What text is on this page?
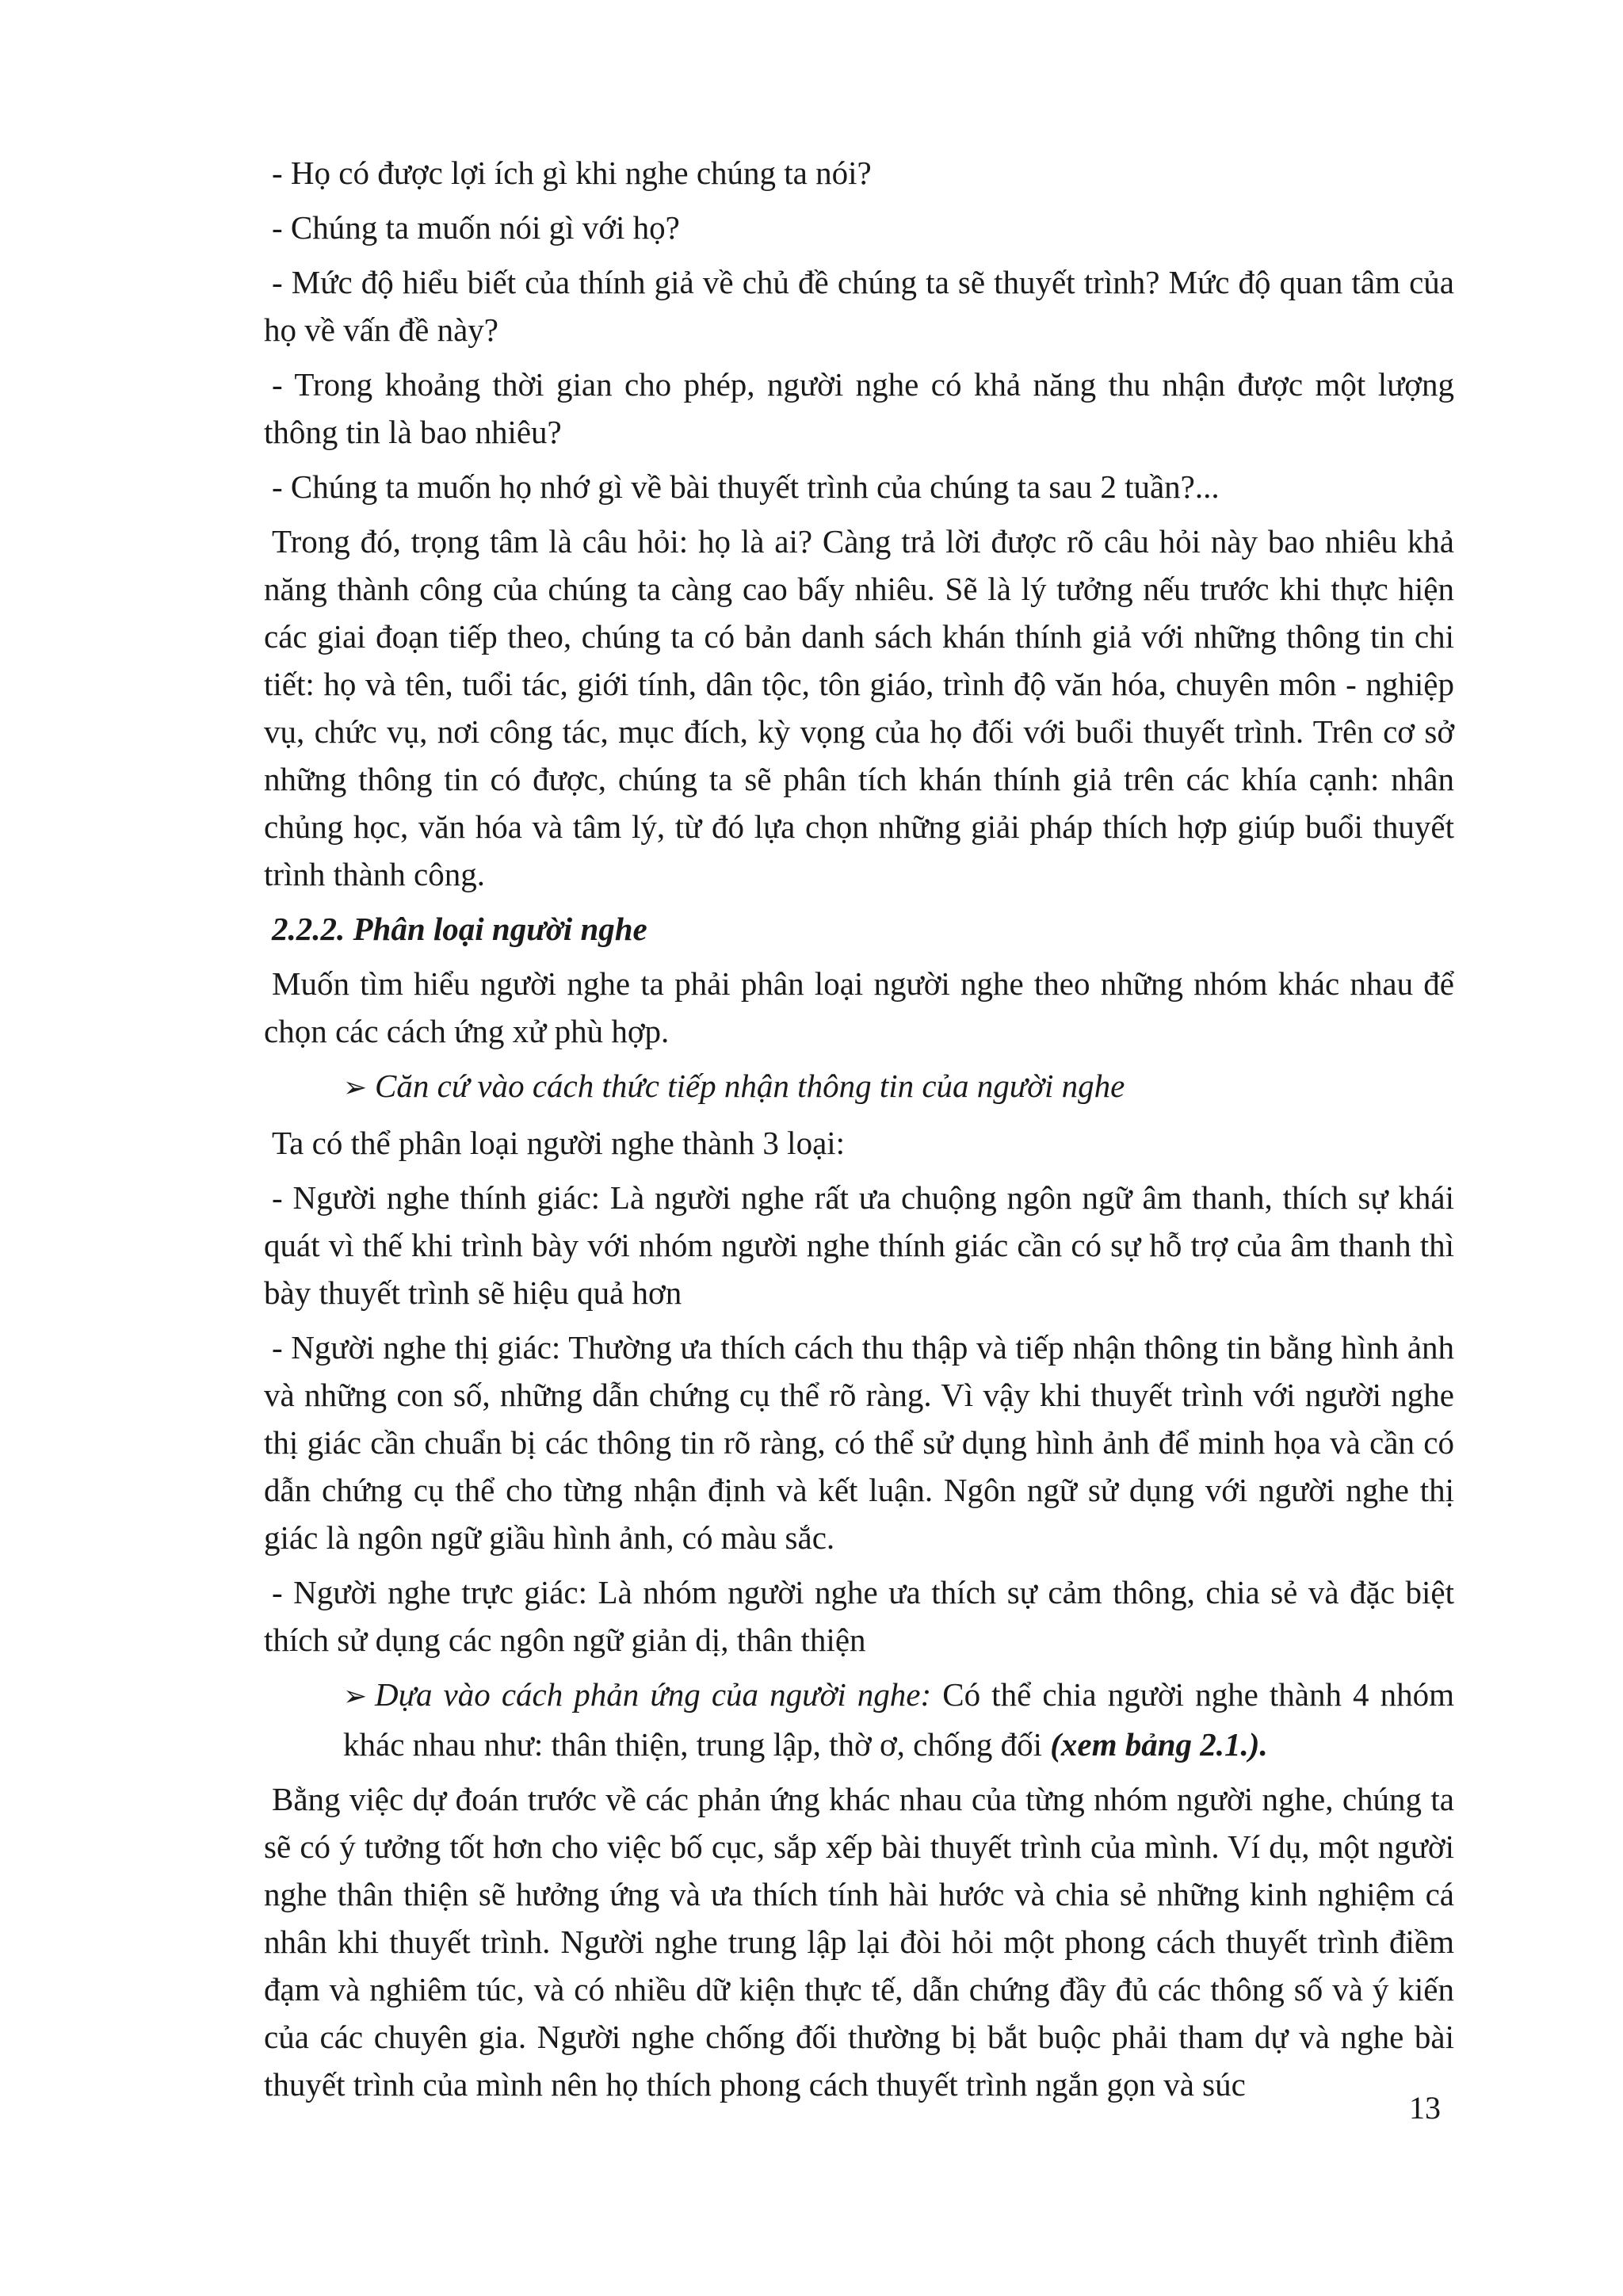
- Họ có được lợi ích gì khi nghe chúng ta nói?

- Chúng ta muốn nói gì với họ?

- Mức độ hiểu biết của thính giả về chủ đề chúng ta sẽ thuyết trình? Mức độ quan tâm của họ về vấn đề này?

- Trong khoảng thời gian cho phép, người nghe có khả năng thu nhận được một lượng thông tin là bao nhiêu?

- Chúng ta muốn họ nhớ gì về bài thuyết trình của chúng ta sau 2 tuần?...

Trong đó, trọng tâm là câu hỏi: họ là ai? Càng trả lời được rõ câu hỏi này bao nhiêu khả năng thành công của chúng ta càng cao bấy nhiêu. Sẽ là lý tưởng nếu trước khi thực hiện các giai đoạn tiếp theo, chúng ta có bản danh sách khán thính giả với những thông tin chi tiết: họ và tên, tuổi tác, giới tính, dân tộc, tôn giáo, trình độ văn hóa, chuyên môn - nghiệp vụ, chức vụ, nơi công tác, mục đích, kỳ vọng của họ đối với buổi thuyết trình. Trên cơ sở những thông tin có được, chúng ta sẽ phân tích khán thính giả trên các khía cạnh: nhân chủng học, văn hóa và tâm lý, từ đó lựa chọn những giải pháp thích hợp giúp buổi thuyết trình thành công.

2.2.2. Phân loại người nghe

Muốn tìm hiểu người nghe ta phải phân loại người nghe theo những nhóm khác nhau để chọn các cách ứng xử phù hợp.

➢ Căn cứ vào cách thức tiếp nhận thông tin của người nghe

Ta có thể phân loại người nghe thành 3 loại:

- Người nghe thính giác: Là người nghe rất ưa chuộng ngôn ngữ âm thanh, thích sự khái quát vì thế khi trình bày với nhóm người nghe thính giác cần có sự hỗ trợ của âm thanh thì bày thuyết trình sẽ hiệu quả hơn

- Người nghe thị giác: Thường ưa thích cách thu thập và tiếp nhận thông tin bằng hình ảnh và những con số, những dẫn chứng cụ thể rõ ràng. Vì vậy khi thuyết trình với người nghe thị giác cần chuẩn bị các thông tin rõ ràng, có thể sử dụng hình ảnh để minh họa và cần có dẫn chứng cụ thể cho từng nhận định và kết luận. Ngôn ngữ sử dụng với người nghe thị giác là ngôn ngữ giầu hình ảnh, có màu sắc.

- Người nghe trực giác: Là nhóm người nghe ưa thích sự cảm thông, chia sẻ và đặc biệt thích sử dụng các ngôn ngữ giản dị, thân thiện

➢ Dựa vào cách phản ứng của người nghe: Có thể chia người nghe thành 4 nhóm khác nhau như: thân thiện, trung lập, thờ ơ, chống đối (xem bảng 2.1.).

Bằng việc dự đoán trước về các phản ứng khác nhau của từng nhóm người nghe, chúng ta sẽ có ý tưởng tốt hơn cho việc bố cục, sắp xếp bài thuyết trình của mình. Ví dụ, một người nghe thân thiện sẽ hưởng ứng và ưa thích tính hài hước và chia sẻ những kinh nghiệm cá nhân khi thuyết trình. Người nghe trung lập lại đòi hỏi một phong cách thuyết trình điềm đạm và nghiêm túc, và có nhiều dữ kiện thực tế, dẫn chứng đầy đủ các thông số và ý kiến của các chuyên gia. Người nghe chống đối thường bị bắt buộc phải tham dự và nghe bài thuyết trình của mình nên họ thích phong cách thuyết trình ngắn gọn và súc

13
